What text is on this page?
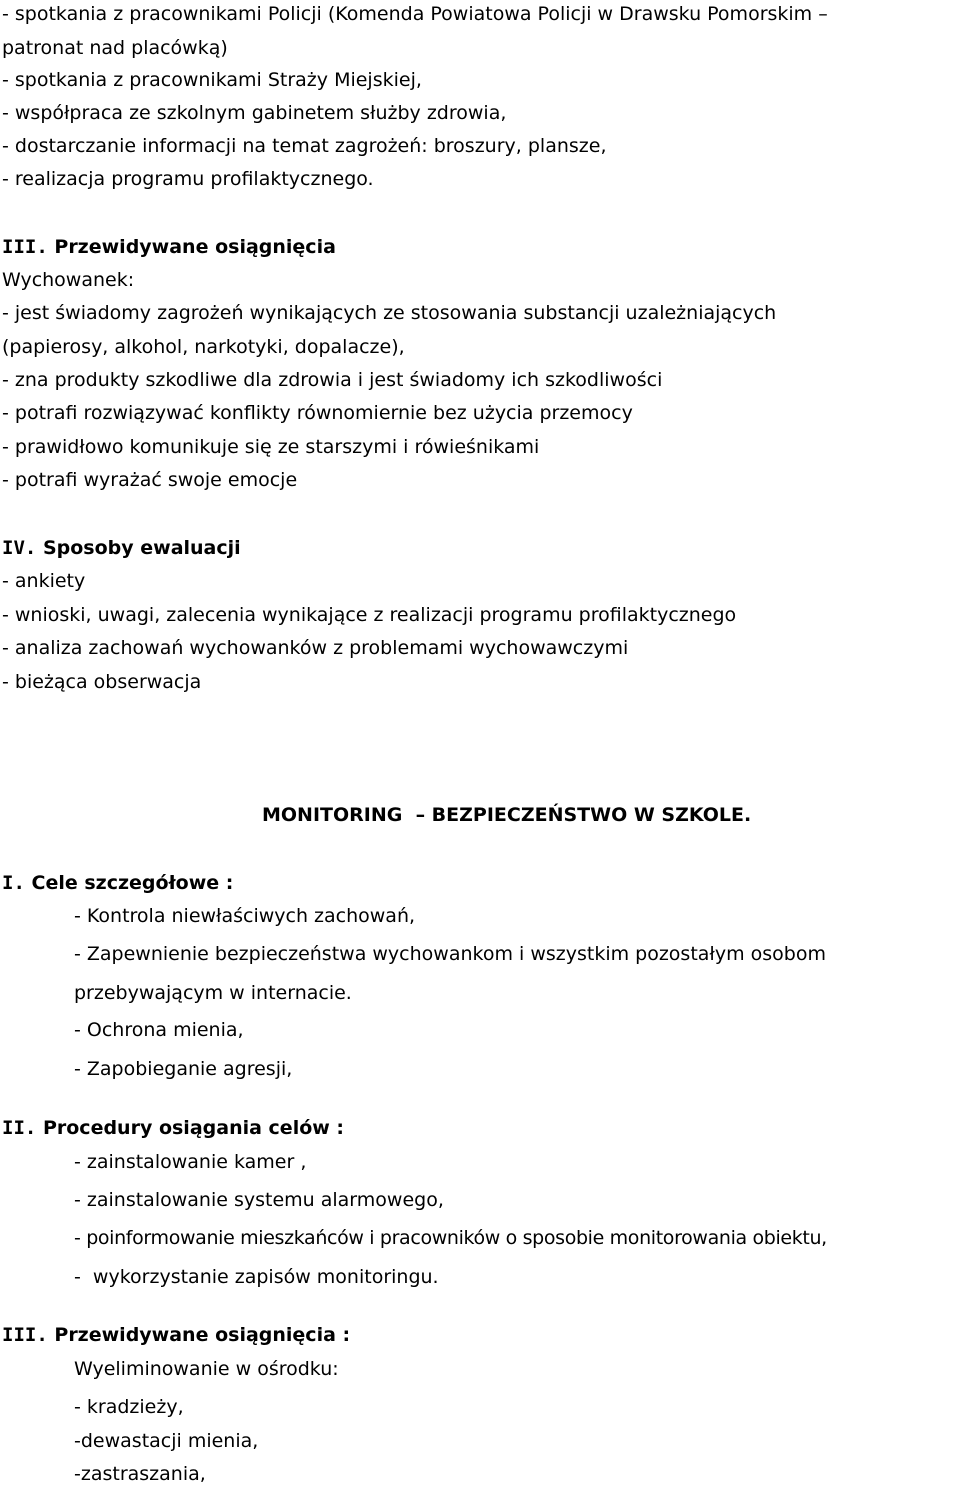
- spotkania z pracownikami Policji (Komenda Powiatowa Policji w Drawsku Pomorskim –

patronat nad placówką)

- spotkania z pracownikami Straży Miejskiej,

- współpraca ze szkolnym gabinetem służby zdrowia,

- dostarczanie informacji na temat zagrożeń: broszury, plansze,

- realizacja programu profilaktycznego.

III. Przewidywane osiągnięcia

Wychowanek:

- jest świadomy zagrożeń wynikających ze stosowania substancji uzależniających

(papierosy, alkohol, narkotyki, dopalacze),

- zna produkty szkodliwe dla zdrowia i jest świadomy ich szkodliwości

- potrafi rozwiązywać konflikty równomiernie bez użycia przemocy

- prawidłowo komunikuje się ze starszymi i rówieśnikami

- potrafi wyrażać swoje emocje

IV. Sposoby ewaluacji

- ankiety

- wnioski, uwagi, zalecenia wynikające z realizacji programu profilaktycznego

- analiza zachowań wychowanków z problemami wychowawczymi

- bieżąca obserwacja

MONITORING  – BEZPIECZEŃSTWO W SZKOLE.

I. Cele szczegółowe :

- Kontrola niewłaściwych zachowań,

- Zapewnienie bezpieczeństwa wychowankom i wszystkim pozostałym osobom

przebywającym w internacie.

- Ochrona mienia,

- Zapobieganie agresji,

II. Procedury osiągania celów :

- zainstalowanie kamer ,

- zainstalowanie systemu alarmowego,

- poinformowanie mieszkańców i pracowników o sposobie monitorowania obiektu,

-  wykorzystanie zapisów monitoringu.

III. Przewidywane osiągnięcia :

Wyeliminowanie w ośrodku:

- kradzieży,

-dewastacji mienia,

-zastraszania,
